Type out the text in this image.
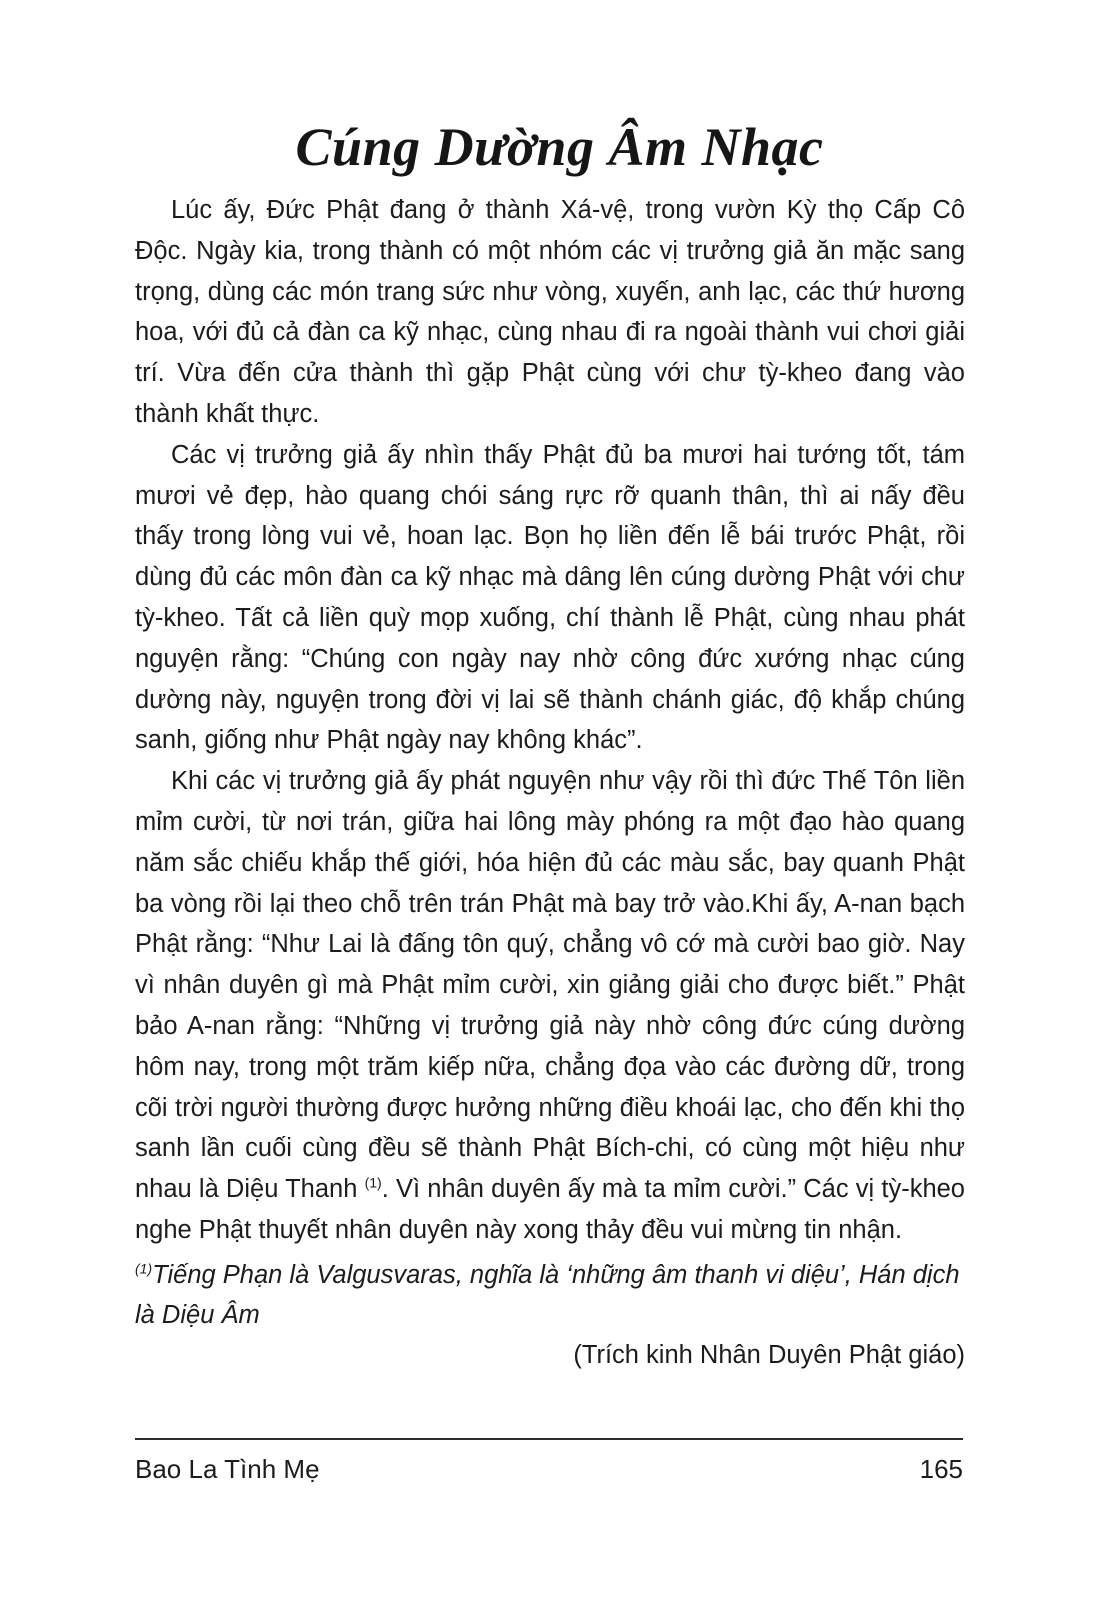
Cúng Dường Âm Nhạc

Lúc ấy, Đức Phật đang ở thành Xá-vệ, trong vườn Kỳ thọ Cấp Cô Độc. Ngày kia, trong thành có một nhóm các vị trưởng giả ăn mặc sang trọng, dùng các món trang sức như vòng, xuyến, anh lạc, các thứ hương hoa, với đủ cả đàn ca kỹ nhạc, cùng nhau đi ra ngoài thành vui chơi giải trí. Vừa đến cửa thành thì gặp Phật cùng với chư tỳ-kheo đang vào thành khất thực.

Các vị trưởng giả ấy nhìn thấy Phật đủ ba mươi hai tướng tốt, tám mươi vẻ đẹp, hào quang chói sáng rực rỡ quanh thân, thì ai nấy đều thấy trong lòng vui vẻ, hoan lạc. Bọn họ liền đến lễ bái trước Phật, rồi dùng đủ các môn đàn ca kỹ nhạc mà dâng lên cúng dường Phật với chư tỳ-kheo. Tất cả liền quỳ mọp xuống, chí thành lễ Phật, cùng nhau phát nguyện rằng: “Chúng con ngày nay nhờ công đức xướng nhạc cúng dường này, nguyện trong đời vị lai sẽ thành chánh giác, độ khắp chúng sanh, giống như Phật ngày nay không khác”.

Khi các vị trưởng giả ấy phát nguyện như vậy rồi thì đức Thế Tôn liền mỉm cười, từ nơi trán, giữa hai lông mày phóng ra một đạo hào quang năm sắc chiếu khắp thế giới, hóa hiện đủ các màu sắc, bay quanh Phật ba vòng rồi lại theo chỗ trên trán Phật mà bay trở vào.Khi ấy, A-nan bạch Phật rằng: “Như Lai là đấng tôn quý, chẳng vô cớ mà cười bao giờ. Nay vì nhân duyên gì mà Phật mỉm cười, xin giảng giải cho được biết.” Phật bảo A-nan rằng: “Những vị trưởng giả này nhờ công đức cúng dường hôm nay, trong một trăm kiếp nữa, chẳng đọa vào các đường dữ, trong cõi trời người thường được hưởng những điều khoái lạc, cho đến khi thọ sanh lần cuối cùng đều sẽ thành Phật Bích-chi, có cùng một hiệu như nhau là Diệu Thanh $^{(1)}$. Vì nhân duyên ấy mà ta mỉm cười.” Các vị tỳ-kheo nghe Phật thuyết nhân duyên này xong thảy đều vui mừng tin nhận.

$^{(1)}$Tiếng Phạn là Valgusvaras, nghĩa là ‘những âm thanh vi diệu’, Hán dịch là Diệu Âm

(Trích kinh Nhân Duyên Phật giáo)

Bao La Tình Mẹ	165
